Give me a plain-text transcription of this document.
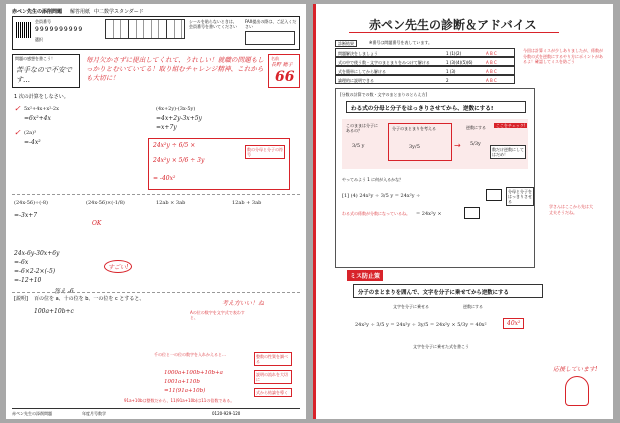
赤ペン先生の添削問題 解答用紙 中二数学スタンダード
会員番号
9999999999
選択
シールを貼らないときは、会員番号を書いてください
FAX提出の際は、ご記入ください
問題の感想を書こう！
苦手なので不安です…
毎月欠かさずに提出してくれて、うれしい！就職の問題もしっかりとむいていてる！取り組むチャレンジ精神、これからも大切に！
名前
長野 穂子
66
1 次の計算をしなさい。
✓ 5x²+4x+x²-2x
=6x²+4x
✓ (2a)³
=-4x²
(4x+2y)-(3x-5y)
=4x+2y-3x+5y
=x+7y
24x²y ÷ 6/5 ×
24x²y × 5/6 ÷ 3y
= -40x²
数の分母と分子の符号
(24x-56)÷(-8)
=-3x+7
(24x-56)×(-1/8)
OK
12ab × 3ab	12ab + 3ab
24x-6y-30x+6y
=-6x
=-6×2-2×(-5)
=-12+10
答え -6
すごい!
[説明] 百の位を a、十の位を b、一の位を c とすると、
100a+10b+c
考え方いい！ね
Aの位の数字を文字式で表わすと、
千の位と一の位の数字を入れかえると…
1000a+100b+10b+a
1001a+110b
=11(91a+10b)
91a+10bは整数だから、11(91a+10b)は11の倍数である。
整数の性質を調べる
説明の流れを大切に
式から結論を導く
赤ペン先生の添削問題	年度月号数学	0120-929-120
赤ペン先生の診断＆アドバイス
診断結果	※番号は問題番号を表しています。
問題解決をしましょう	1 (1)(2)	A B C
式の中で使う数・文字のまとまりをみつけて解ける	1 (3)(4)(5)(6)	A B C
式を簡単にしてから解ける	1 (3)	A B C
論理的に説明できる	2	A B C
今回は計算ミスが少しありましたが、係数が分数の式を逆数にするやり方にポイントがあるよ！確認してミスを防ごう
[分数の計算での数・文字のまとまりのとらえ方]
わる式の分母と分子をはっきりさせてから、逆数にする!
このままは分子にあるの？
3/5 y
分子のまとまりを考える
3y/5	→
逆数にする
5/3y
ここをチェック!
数だけ逆数にしてはだめ！
やってみよう 1 に何が入るかな？
[1] (4) 24x²y ÷ 3/5 y = 24x²y ÷
分母と分子をはっきりさせる
わる式の係数が分数になっているね。 = 24x²y ×
学さんはここから先は大丈夫そうだね。
ミス防止策
分子のまとまりを囲んで、文字を分子に乗せてから逆数にする
文字を分子に乗せる	逆数にする
24x²y ÷ 3/5 y = 24x²y ÷ 3y/5 = 24x²y × 5/3y = 40x²	40x²
文字を分子に乗せた式を書こう
応援しています!
